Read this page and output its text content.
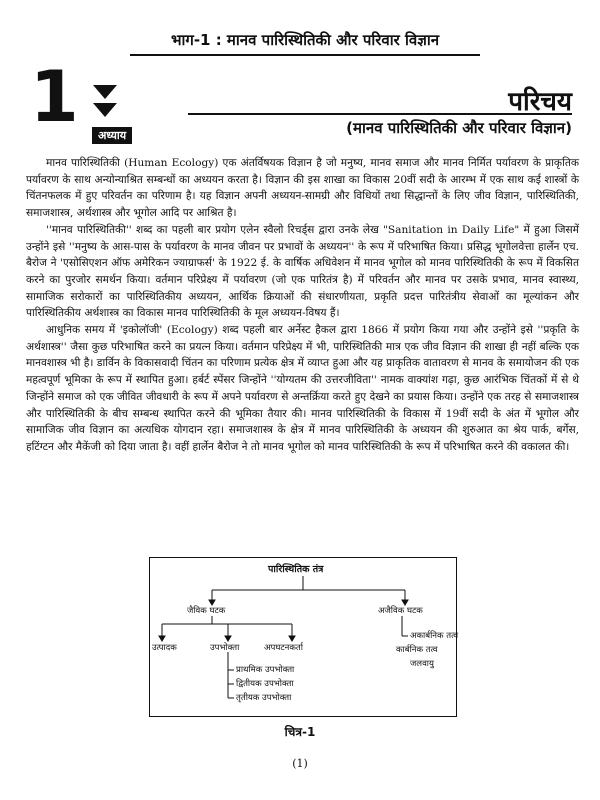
भाग-1 : मानव पारिस्थितिकी और परिवार विज्ञान
1	अध्याय
परिचय
(मानव पारिस्थितिकी और परिवार विज्ञान)

मानव पारिस्थितिकी (Human Ecology) एक अंतर्विषयक विज्ञान है जो मनुष्य, मानव समाज और मानव निर्मित पर्यावरण के प्राकृतिक पर्यावरण के साथ अन्योन्याश्रित सम्बन्धों का अध्ययन करता है। विज्ञान की इस शाखा का विकास 20वीं सदी के आरम्भ में एक साथ कई शास्त्रों के चिंतनफलक में हुए परिवर्तन का परिणाम है। यह विज्ञान अपनी अध्ययन-सामग्री और विधियों तथा सिद्धान्तों के लिए जीव विज्ञान, पारिस्थितिकी, समाजशास्त्र, अर्थशास्त्र और भूगोल आदि पर आश्रित है।

''मानव पारिस्थितिकी'' शब्द का पहली बार प्रयोग एलेन स्वैलो रिचर्ड्स द्वारा उनके लेख "Sanitation in Daily Life" में हुआ जिसमें उन्होंने इसे ''मनुष्य के आस-पास के पर्यावरण के मानव जीवन पर प्रभावों के अध्ययन'' के रूप में परिभाषित किया। प्रसिद्ध भूगोलवेत्ता हार्लेन एच. बैरोज ने 'एसोसिएशन ऑफ अमेरिकन ज्याग्राफर्स' के 1922 ई. के वार्षिक अधिवेशन में मानव भूगोल को मानव पारिस्थितिकी के रूप में विकसित करने का पुरजोर समर्थन किया। वर्तमान परिप्रेक्ष्य में पर्यावरण (जो एक पारितंत्र है) में परिवर्तन और मानव पर उसके प्रभाव, मानव स्वास्थ्य, सामाजिक सरोकारों का पारिस्थितिकीय अध्ययन, आर्थिक क्रियाओं की संधारणीयता, प्रकृति प्रदत्त पारितंत्रीय सेवाओं का मूल्यांकन और पारिस्थितिकीय अर्थशास्त्र का विकास मानव पारिस्थितिकी के मूल अध्ययन-विषय हैं।

आधुनिक समय में 'इकोलॉजी' (Ecology) शब्द पहली बार अर्नेस्ट हैकल द्वारा 1866 में प्रयोग किया गया और उन्होंने इसे ''प्रकृति के अर्थशास्त्र'' जैसा कुछ परिभाषित करने का प्रयत्न किया। वर्तमान परिप्रेक्ष्य में भी, पारिस्थितिकी मात्र एक जीव विज्ञान की शाखा ही नहीं बल्कि एक मानवशास्त्र भी है। डार्विन के विकासवादी चिंतन का परिणाम प्रत्येक क्षेत्र में व्याप्त हुआ और यह प्राकृतिक वातावरण से मानव के समायोजन की एक महत्वपूर्ण भूमिका के रूप में स्थापित हुआ। हर्बर्ट स्पेंसर जिन्होंने ''योग्यतम की उत्तरजीविता'' नामक वाक्यांश गढ़ा, कुछ आरंभिक चिंतकों में से थे जिन्होंने समाज को एक जीवित जीवधारी के रूप में अपने पर्यावरण से अन्तर्क्रिया करते हुए देखने का प्रयास किया। उन्होंने एक तरह से समाजशास्त्र और पारिस्थितिकी के बीच सम्बन्ध स्थापित करने की भूमिका तैयार की। मानव पारिस्थितिकी के विकास में 19वीं सदी के अंत में भूगोल और सामाजिक जीव विज्ञान का अत्यधिक योगदान रहा। समाजशास्त्र के क्षेत्र में मानव पारिस्थितिकी के अध्ययन की शुरुआत का श्रेय पार्क, बर्गेस, हटिंग्टन और मैकेंजी को दिया जाता है। वहीं हार्लेन बैरोज ने तो मानव भूगोल को मानव पारिस्थितिकी के रूप में परिभाषित करने की वकालत की।

पारिस्थितिक तंत्र
जैविक घटक	अजैविक घटक
उत्पादक	उपभोक्ता	अपघटनकर्ता
प्राथमिक उपभोक्ता
द्वितीयक उपभोक्ता
तृतीयक उपभोक्ता
अकार्बनिक तत्व
कार्बनिक तत्व
जलवायु
चित्र-1
(1)
